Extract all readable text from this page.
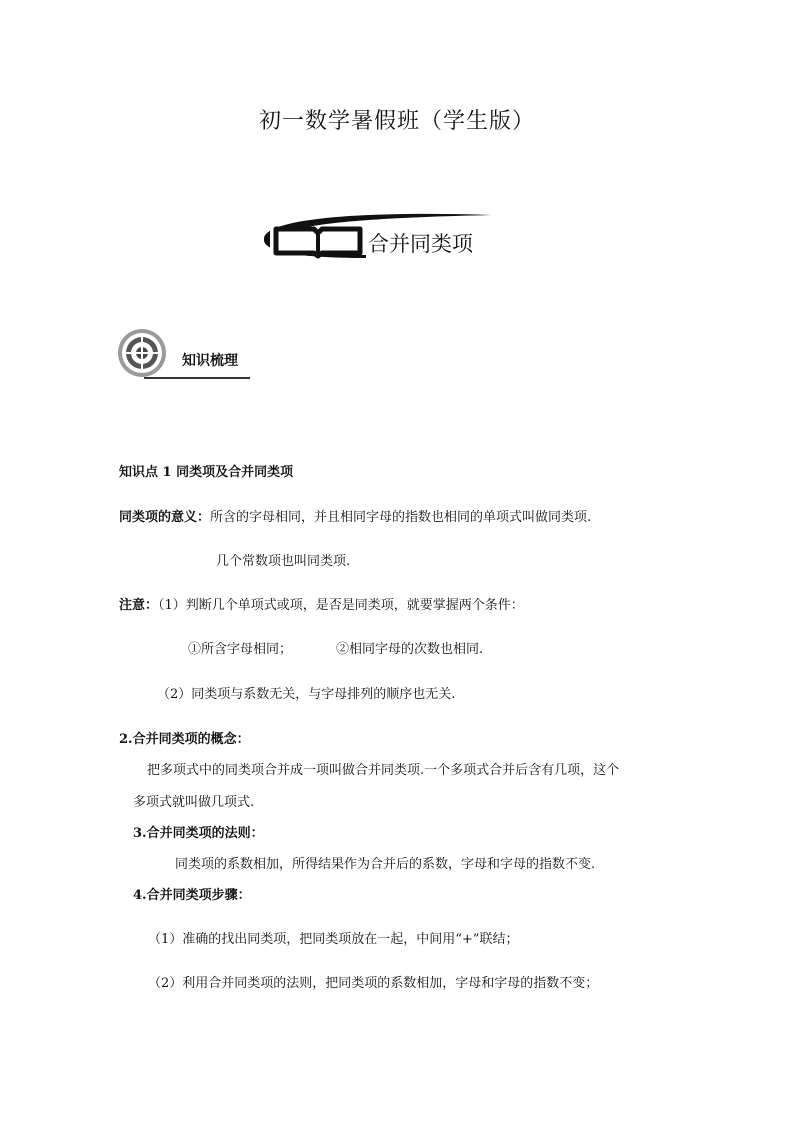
初一数学暑假班（学生版）
合并同类项
知识梳理
知识点 1 同类项及合并同类项
同类项的意义：所含的字母相同，并且相同字母的指数也相同的单项式叫做同类项.
几个常数项也叫同类项.
注意：（1）判断几个单项式或项，是否是同类项，就要掌握两个条件：
①所含字母相同；	②相同字母的次数也相同.
（2）同类项与系数无关，与字母排列的顺序也无关.
2.合并同类项的概念：
把多项式中的同类项合并成一项叫做合并同类项.一个多项式合并后含有几项，这个
多项式就叫做几项式.
3.合并同类项的法则：
同类项的系数相加，所得结果作为合并后的系数，字母和字母的指数不变.
4.合并同类项步骤：
（1）准确的找出同类项，把同类项放在一起，中间用“+”联结；
（2）利用合并同类项的法则，把同类项的系数相加，字母和字母的指数不变；
